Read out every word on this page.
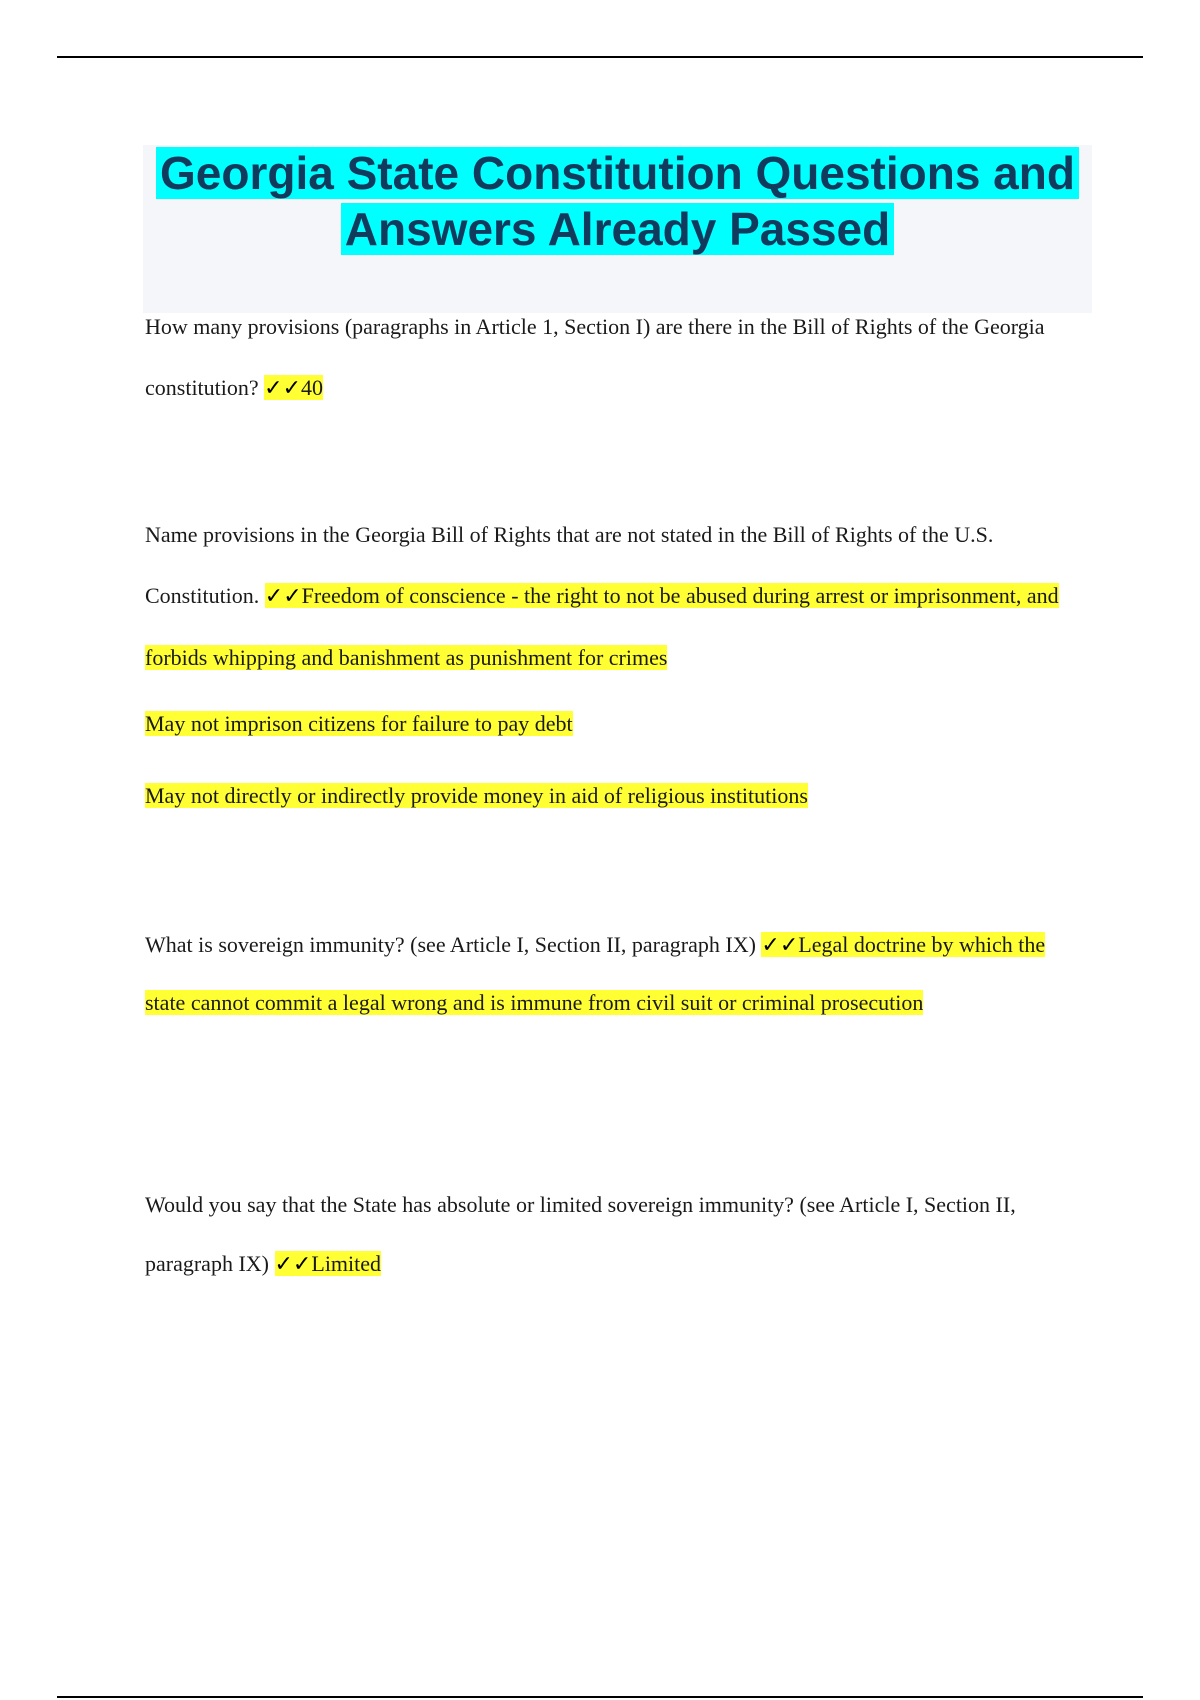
Georgia State Constitution Questions and Answers Already Passed

How many provisions (paragraphs in Article 1, Section I) are there in the Bill of Rights of the Georgia constitution? ✓✓40

Name provisions in the Georgia Bill of Rights that are not stated in the Bill of Rights of the U.S. Constitution. ✓✓Freedom of conscience - the right to not be abused during arrest or imprisonment, and forbids whipping and banishment as punishment for crimes

May not imprison citizens for failure to pay debt

May not directly or indirectly provide money in aid of religious institutions

What is sovereign immunity? (see Article I, Section II, paragraph IX) ✓✓Legal doctrine by which the state cannot commit a legal wrong and is immune from civil suit or criminal prosecution

Would you say that the State has absolute or limited sovereign immunity? (see Article I, Section II, paragraph IX) ✓✓Limited
